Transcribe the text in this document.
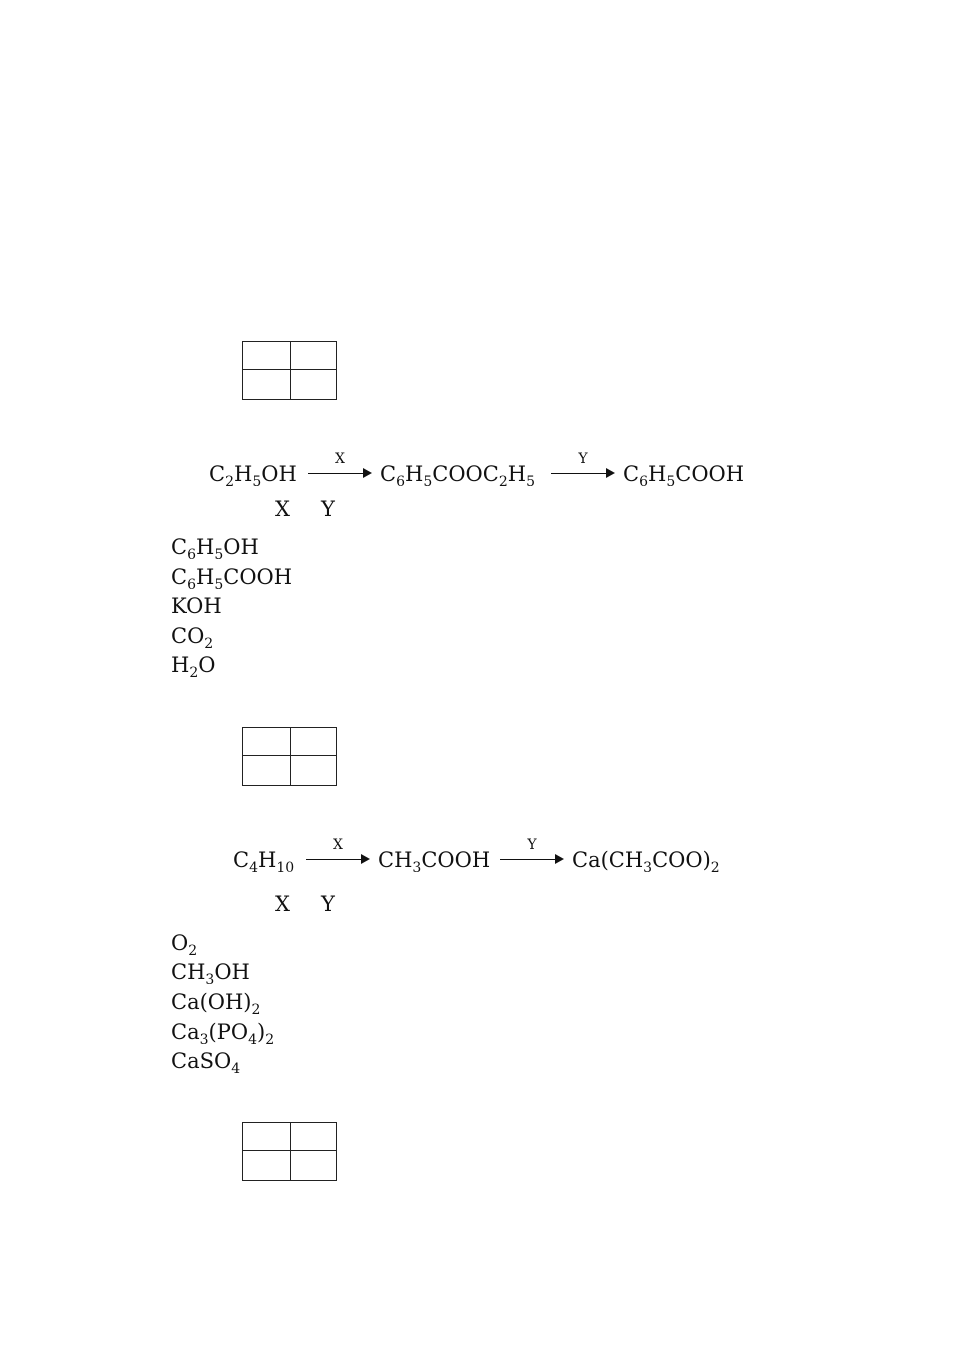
$C_2H_5OH$
X
$C_6H_5COOC_2H_5$
Y
$C_6H_5COOH$
X Y
$C_6H_5OH$
$C_6H_5COOH$
KOH
$CO_2$
$H_2O$
$C_4H_{10}$
X
$CH_3COOH$
Y
$Ca(CH_3COO)_2$
X Y
$O_2$
$CH_3OH$
$Ca(OH)_2$
$Ca_3(PO_4)_2$
CaSO$_4$
